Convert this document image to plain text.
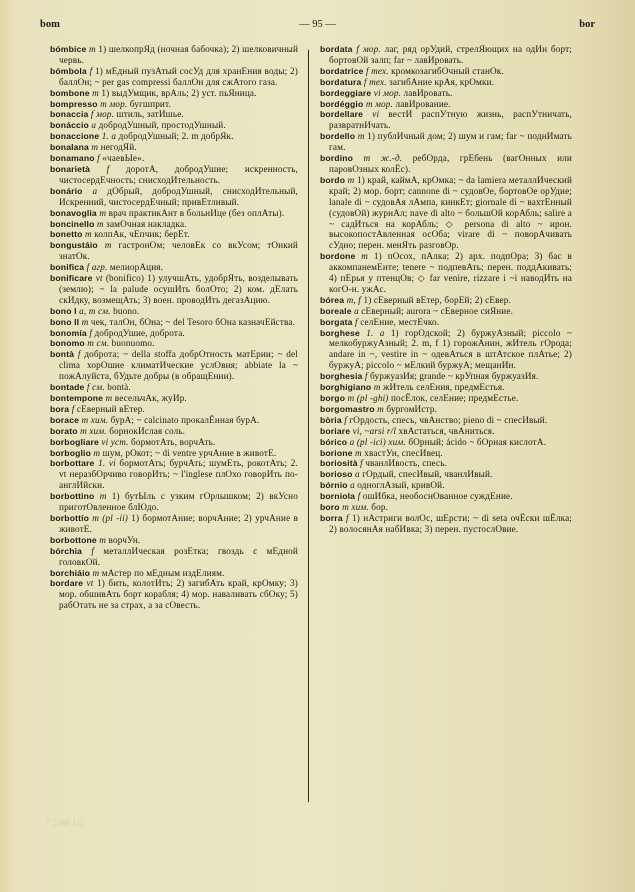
bom	— 95 —	bor

bómbice m 1) шелкопрЯд (ночная бабочка); 2) шелковичный червь.

bómbola f 1) мЕдный пузАтый сосУд для хранЕния воды; 2) баллОн; ~ per gas compressi баллОн для сжАтого газа.

bombone m 1) выдУмщик, врАль; 2) уст. пьЯница.

bompresso m мор. бугшприт.

bonaccia f мор. штиль, затИшье.

bonáccio a добродУшный, простодУшный.

bonaccione 1. a добродУшный; 2. m добрЯк.

bonalana m негодЯй.

bonamano f «чаевЫе».

bonarietà f доротА, добродУшие; искренность, чистосердЕчность; снисходИтельность.

bonário a дОбрый, добродУшный, снисходИтельный, Искренний, чистосердЕчный; привЕтливый.

bonavoglia m врач практикАнт в больнИце (без оплАты).

boncinello m замОчная накладка.

bonetto m колпАк, чЕпчик; берЕт.

bongustáio m гастронОм; человЕк со вкУсом; тОнкий знатОк.

bonifica f агр. мелиорАция.

bonificare vt (bonifico) 1) улучшАть, удобрЯть, возделывать (землю); ~ la palude осушИть болОто; 2) ком. дЕлать скИдку, возмещАть; 3) воен. проводИть дегазАцию.

bono I a, m см. buono.

bono II m чек, талОн, бОна; ~ del Tesoro бОна казначЕйства.

bonomía f добродУшие, доброта.

bonomo m см. buonuomo.

bontà f доброта; ~ della stoffa добрОтность матЕрии; ~ del clima хорОшие климатИческие услОвия; abbiate la ~ пожАлуйста, бУдьте добры (в обращЕнии).

bontade f см. bontà.

bontempone m весельчАк, жуИр.

bora f сЕверный вЕтер.

borace m хим. бурА; ~ calcinato прокалЁнная бурА.

borato m хим. борнокИслая соль.

borbogliare vi уст. бормотАть, ворчАть.

borboglio m шум, рОкот; ~ di ventre урчАние в животЕ.

borbottare 1. vi бормотАть; бурчАть; шумЕть, рокотАть; 2. vt неразбОрчиво говорИть; ~ l'inglese плОхо говорИть по-англИйски.

borbottino m 1) бутЫль с узким гОрлышком; 2) вкУсно приготОвленное блЮдо.

borbottío m (pl -ii) 1) бормотАние; ворчАние; 2) урчАние в животЕ.

borbottone m ворчУн.

bórchia f металлИческая розЕтка; гвоздь с мЕдной головкОй.

borchiáio m мАстер по мЕдным издЕлиям.

bordare vt 1) бить, колотИть; 2) загибАть край, крОмку; 3) мор. обшивАть борт корабля; 4) мор. наваливать сбОку; 5) рабОтать не за страх, а за сОвесть.

bordata f мор. лаг, ряд орУдий, стрелЯющих на одИн борт; бортовОй залп; far ~ лавИровать.

bordatrice f тех. кромкозагибОчный станОк.

bordatura f тех. загибАние крАя, крОмки.

bordeggiare vi мор. лавИровать.

bordéggio m мор. лавИрование.

bordellare vi вестИ распУтную жизнь, распУтничать, развратнИчать.

bordello m 1) публИчный дом; 2) шум и гам; far ~ поднИмать гам.

bordino m ж.-д. ребОрда, грЕбень (вагОнных или паровОзных колЁс).

bordo m 1) край, каймА, крОмка; ~ da lamiera металлИческий край; 2) мор. борт; cannone di ~ судовОе, бортовОе орУдие; lanale di ~ судовАя лАмпа, кинкЕт; giornale di ~ вахтЕнный (судовОй) журнАл; nave di alto ~ большОй корАбль; salire a ~ садИться на корАбль; ◇ persona di alto ~ ирон. высокопостАвленная осОба; virare di ~ поворАчивать сУдно; перен. менЯть разговОр.

bordone m 1) пОсох, пАлка; 2) арх. подпОра; 3) бас в аккомпанемЕнте; tenere ~ подпевАть; перен. поддАкивать; 4) пЕрья у птенцОв; ◇ far venire, rizzare i ~i наводИть на когО-н. ужАс.

bórea m, f 1) сЕверный вЕтер, борЕй; 2) сЕвер.

boreale a сЕверный; aurora ~ сЕверное сиЯние.

borgata f селЕние, местЕчко.

borghese 1. a 1) горОдской; 2) буржуАзный; piccolo ~ мелкобуржуАзный; 2. m, f 1) горожАнин, жИтель гОрода; andare in ~, vestire in ~ одевАться в штАтское плАтье; 2) буржуА; piccolo ~ мЕлкий буржуА; мещанИн.

borghesia f буржуазИя; grande ~ крУпная буржуазИя.

borghigiano m жИтель селЕния, предмЕстья.

borgo m (pl -ghi) посЁлок, селЕние; предмЕстье.

borgomastro m бургомИстр.

bòria f гОрдость, спесь, чвАнство; pieno di ~ спесИвый.

boriare vi, ~arsi r/l хвАстаться, чвАниться.

bórico a (pl -ici) хим. бОрный; ácido ~ бОрная кислотА.

borione m хвастУн, спесИвец.

boriosità f чванлИвость, спесь.

borioso a гОрдый, спесИвый, чванлИвый.

bórnio a одноглАзый, кривОй.

borniola f ошИбка, необоснОванное суждЕние.

boro m хим. бор.

borra f 1) нАстриги волОс, шЕрсти; ~ di seta очЁски шЁлка; 2) волосянАя набИвка; 3) перен. пустослОвие.

7 2386 1/2
